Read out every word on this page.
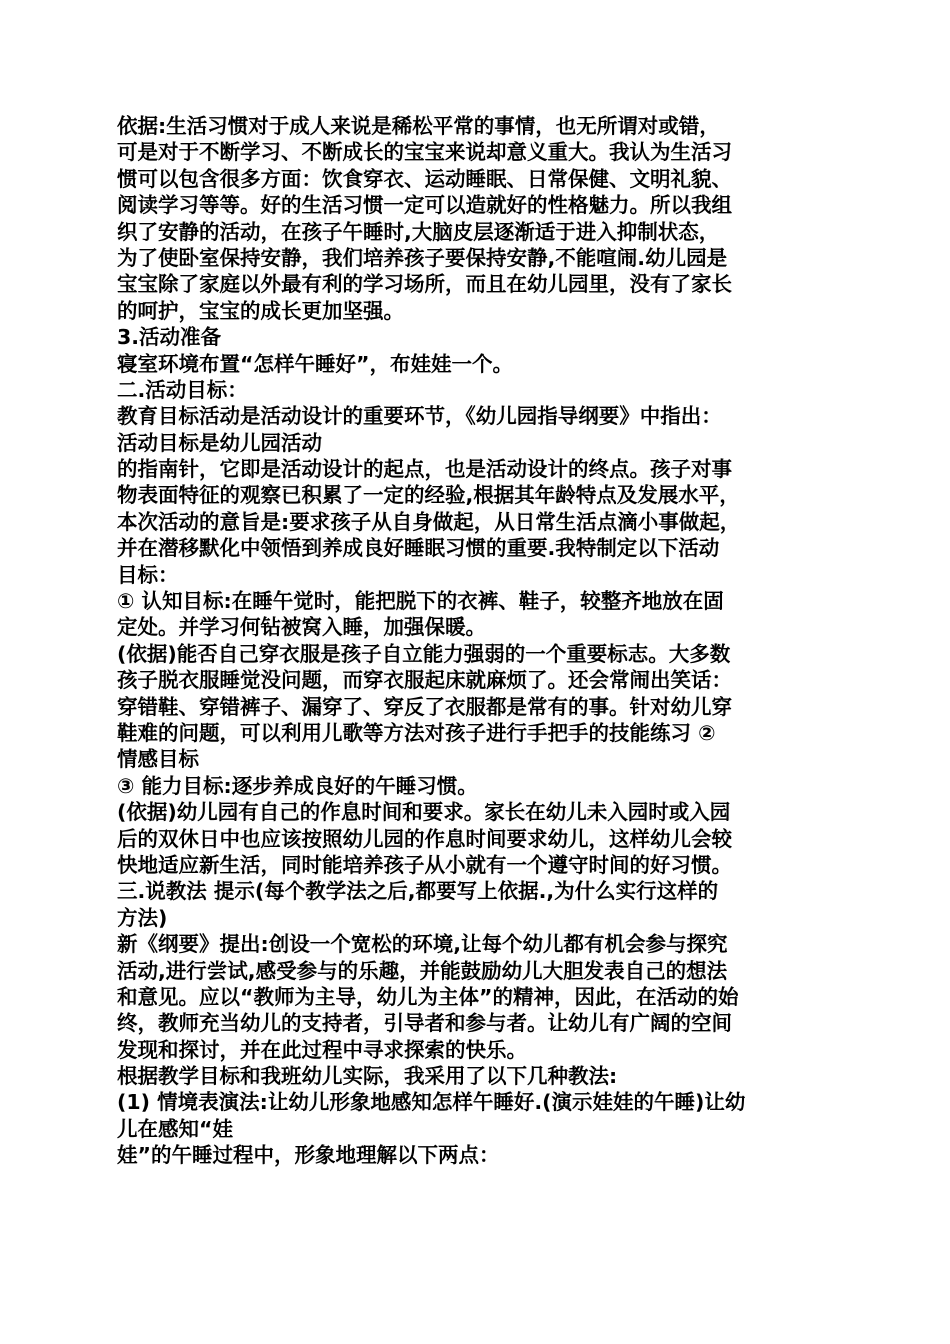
依据:生活习惯对于成人来说是稀松平常的事情，也无所谓对或错，
可是对于不断学习、不断成长的宝宝来说却意义重大。我认为生活习
惯可以包含很多方面：饮食穿衣、运动睡眠、日常保健、文明礼貌、
阅读学习等等。好的生活习惯一定可以造就好的性格魅力。所以我组
织了安静的活动，在孩子午睡时,大脑皮层逐渐适于进入抑制状态，
为了使卧室保持安静，我们培养孩子要保持安静,不能喧闹.幼儿园是
宝宝除了家庭以外最有利的学习场所，而且在幼儿园里，没有了家长
的呵护，宝宝的成长更加坚强。
3.活动准备
寝室环境布置“怎样午睡好”，布娃娃一个。
二.活动目标：
教育目标活动是活动设计的重要环节，《幼儿园指导纲要》中指出：
活动目标是幼儿园活动
的指南针，它即是活动设计的起点，也是活动设计的终点。孩子对事
物表面特征的观察已积累了一定的经验,根据其年龄特点及发展水平，
本次活动的意旨是:要求孩子从自身做起，从日常生活点滴小事做起，
并在潜移默化中领悟到养成良好睡眠习惯的重要.我特制定以下活动
目标：
① 认知目标:在睡午觉时，能把脱下的衣裤、鞋子，较整齐地放在固
定处。并学习何钻被窝入睡，加强保暖。
(依据)能否自己穿衣服是孩子自立能力强弱的一个重要标志。大多数
孩子脱衣服睡觉没问题，而穿衣服起床就麻烦了。还会常闹出笑话：
穿错鞋、穿错裤子、漏穿了、穿反了衣服都是常有的事。针对幼儿穿
鞋难的问题，可以利用儿歌等方法对孩子进行手把手的技能练习 ②
情感目标
③ 能力目标:逐步养成良好的午睡习惯。
(依据)幼儿园有自己的作息时间和要求。家长在幼儿未入园时或入园
后的双休日中也应该按照幼儿园的作息时间要求幼儿，这样幼儿会较
快地适应新生活，同时能培养孩子从小就有一个遵守时间的好习惯。
三.说教法 提示(每个教学法之后,都要写上依据.,为什么实行这样的
方法)
新《纲要》提出:创设一个宽松的环境,让每个幼儿都有机会参与探究
活动,进行尝试,感受参与的乐趣，并能鼓励幼儿大胆发表自己的想法
和意见。应以“教师为主导，幼儿为主体”的精神，因此，在活动的始
终，教师充当幼儿的支持者，引导者和参与者。让幼儿有广阔的空间
发现和探讨，并在此过程中寻求探索的快乐。
根据教学目标和我班幼儿实际，我采用了以下几种教法:
(1) 情境表演法:让幼儿形象地感知怎样午睡好.(演示娃娃的午睡)让幼
儿在感知“娃
娃”的午睡过程中，形象地理解以下两点：
